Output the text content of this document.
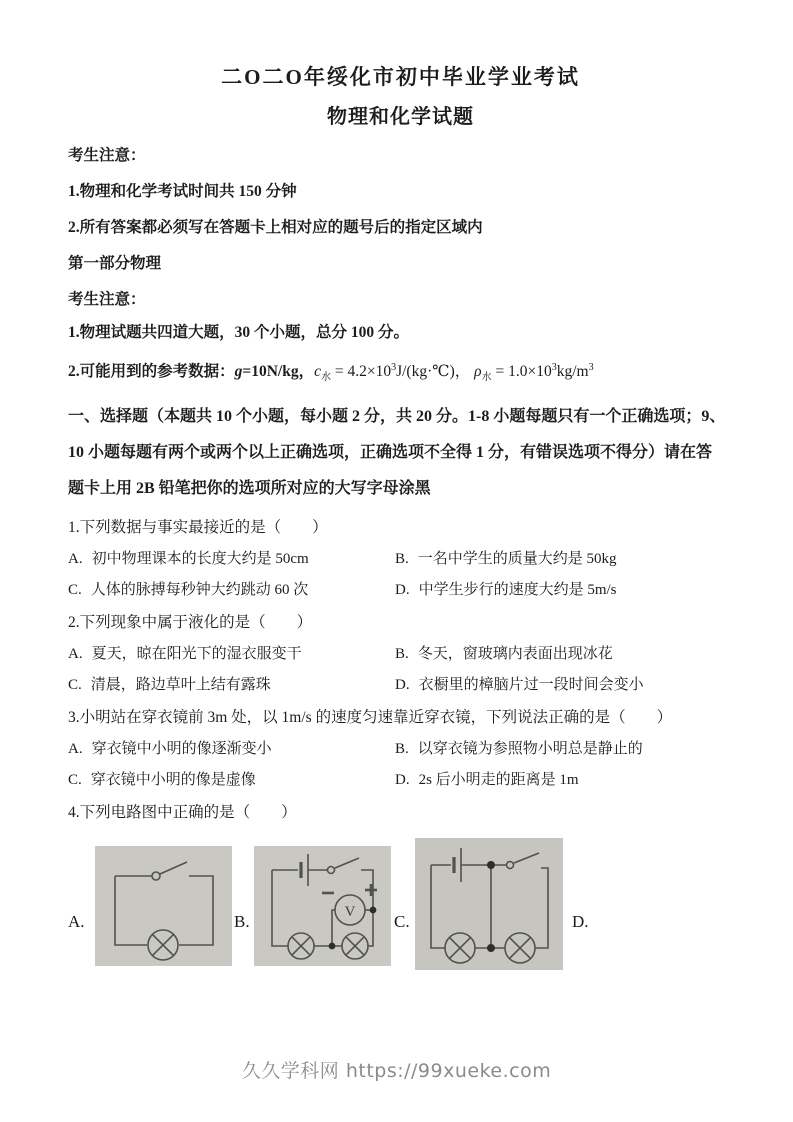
二O二O年绥化市初中毕业学业考试
物理和化学试题
考生注意：
1.物理和化学考试时间共 150 分钟
2.所有答案都必须写在答题卡上相对应的题号后的指定区域内
第一部分物理
考生注意：
1.物理试题共四道大题，30 个小题，总分 100 分。
2.可能用到的参考数据：g=10N/kg，$c_水$ = $4.2\times 10^3J/(kg\cdot℃)$， $\rho_水 = 1.0\times 10^3kg/m^3$
一、选择题（本题共 10 个小题，每小题 2 分，共 20 分。1-8 小题每题只有一个正确选项；9、
10 小题每题有两个或两个以上正确选项，正确选项不全得 1 分，有错误选项不得分）请在答
题卡上用 2B 铅笔把你的选项所对应的大写字母涂黑
1.下列数据与事实最接近的是（　　）
A. 初中物理课本的长度大约是 50cm	B. 一名中学生的质量大约是 50kg
C. 人体的脉搏每秒钟大约跳动 60 次	D. 中学生步行的速度大约是 5m/s
2.下列现象中属于液化的是（　　）
A. 夏天，晾在阳光下的湿衣服变干	B. 冬天，窗玻璃内表面出现冰花
C. 清晨，路边草叶上结有露珠	D. 衣橱里的樟脑片过一段时间会变小
3.小明站在穿衣镜前 3m 处，以 1m/s 的速度匀速靠近穿衣镜，下列说法正确的是（　　）
A. 穿衣镜中小明的像逐渐变小	B. 以穿衣镜为参照物小明总是静止的
C. 穿衣镜中小明的像是虚像	D. 2s 后小明走的距离是 1m
4.下列电路图中正确的是（　　）
A.	B.	V C.	D.
久久学科网 https://99xueke.com
